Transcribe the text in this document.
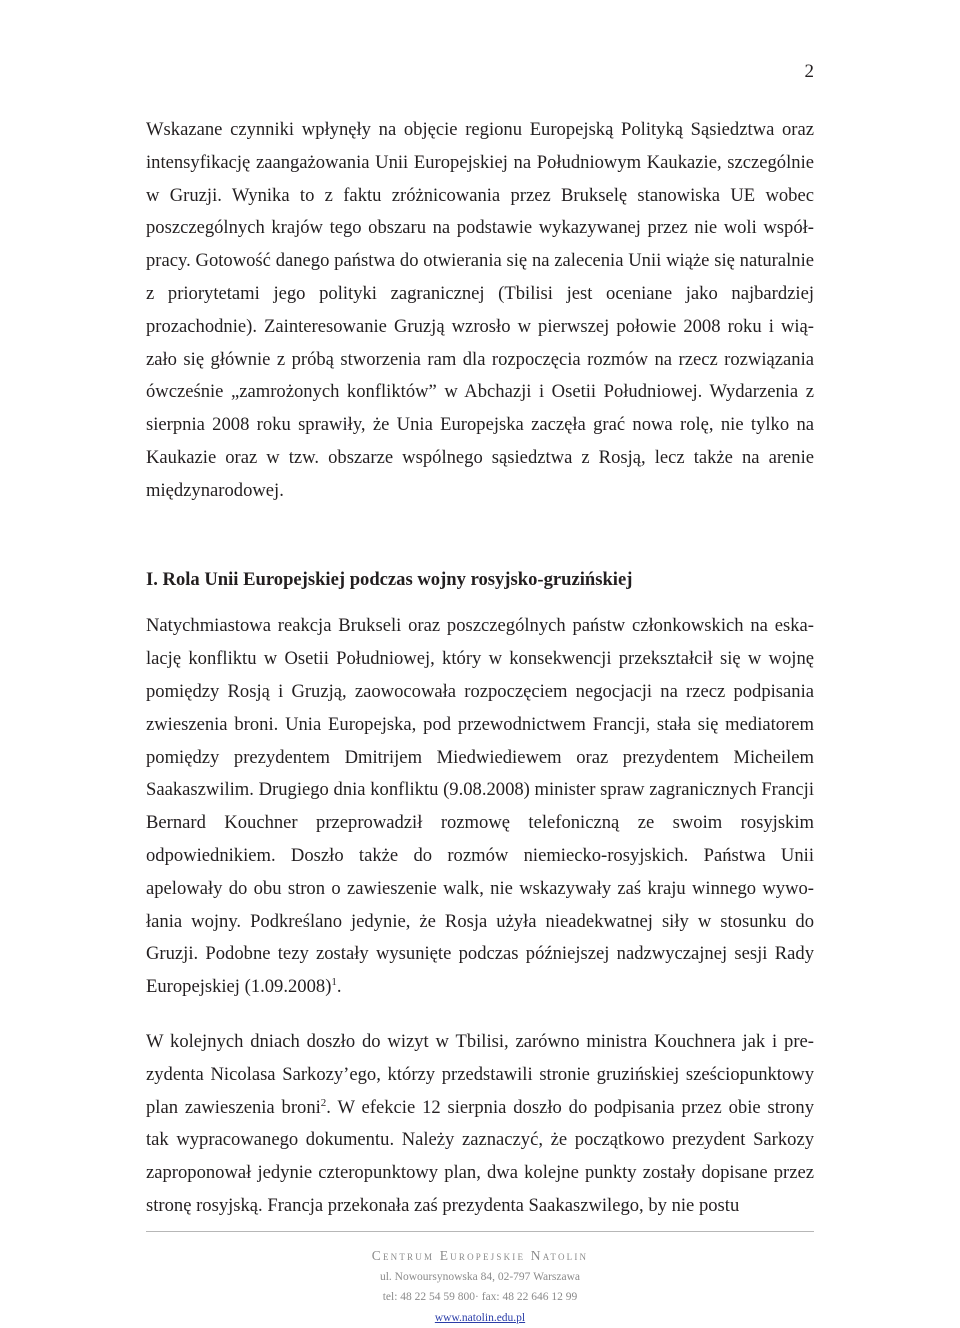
2

Wskazane czynniki wpłynęły na objęcie regionu Europejską Polityką Sąsiedztwa oraz intensyfikację zaangażowania Unii Europejskiej na Południowym Kaukazie, szczególnie w Gruzji. Wynika to z faktu zróżnicowania przez Brukselę stanowiska UE wobec poszczególnych krajów tego obszaru na podstawie wykazywanej przez nie woli współpracy. Gotowość danego państwa do otwierania się na zalecenia Unii wiąże się naturalnie z priorytetami jego polityki zagranicznej (Tbilisi jest oceniane jako najbardziej prozachodnie). Zainteresowanie Gruzją wzrosło w pierwszej połowie 2008 roku i wiązało się głównie z próbą stworzenia ram dla rozpoczęcia rozmów na rzecz rozwiązania ówcześnie „zamrożonych konfliktów” w Abchazji i Osetii Południowej. Wydarzenia z sierpnia 2008 roku sprawiły, że Unia Europejska zaczęła grać nowa rolę, nie tylko na Kaukazie oraz w tzw. obszarze wspólnego sąsiedztwa z Rosją, lecz także na arenie międzynarodowej.

I. Rola Unii Europejskiej podczas wojny rosyjsko-gruzińskiej

Natychmiastowa reakcja Brukseli oraz poszczególnych państw członkowskich na eskalację konfliktu w Osetii Południowej, który w konsekwencji przekształcił się w wojnę pomiędzy Rosją i Gruzją, zaowocowała rozpoczęciem negocjacji na rzecz podpisania zwieszenia broni. Unia Europejska, pod przewodnictwem Francji, stała się mediatorem pomiędzy prezydentem Dmitrijem Miedwiediewem oraz prezydentem Micheilem Saakaszwilim. Drugiego dnia konfliktu (9.08.2008) minister spraw zagranicznych Francji Bernard Kouchner przeprowadził rozmowę telefoniczną ze swoim rosyjskim odpowiednikiem. Doszło także do rozmów niemiecko-rosyjskich. Państwa Unii apelowały do obu stron o zawieszenie walk, nie wskazywały zaś kraju winnego wywołania wojny. Podkreślano jedynie, że Rosja użyła nieadekwatnej siły w stosunku do Gruzji. Podobne tezy zostały wysunięte podczas późniejszej nadzwyczajnej sesji Rady Europejskiej $(1.09.2008)^1$.

W kolejnych dniach doszło do wizyt w Tbilisi, zarówno ministra Kouchnera jak i prezydenta Nicolasa Sarkozy’ego, którzy przedstawili stronie gruzińskiej sześciopunktowy plan zawieszenia broni$^2$. W efekcie 12 sierpnia doszło do podpisania przez obie strony tak wypracowanego dokumentu. Należy zaznaczyć, że początkowo prezydent Sarkozy zaproponował jedynie czteropunktowy plan, dwa kolejne punkty zostały dopisane przez stronę rosyjską. Francja przekonała zaś prezydenta Saakaszwilego, by nie postu

Centrum Europejskie Natolin
ul. Nowoursynowska 84, 02-797 Warszawa
tel: 48 22 54 59 800· fax: 48 22 646 12 99
www.natolin.edu.pl
